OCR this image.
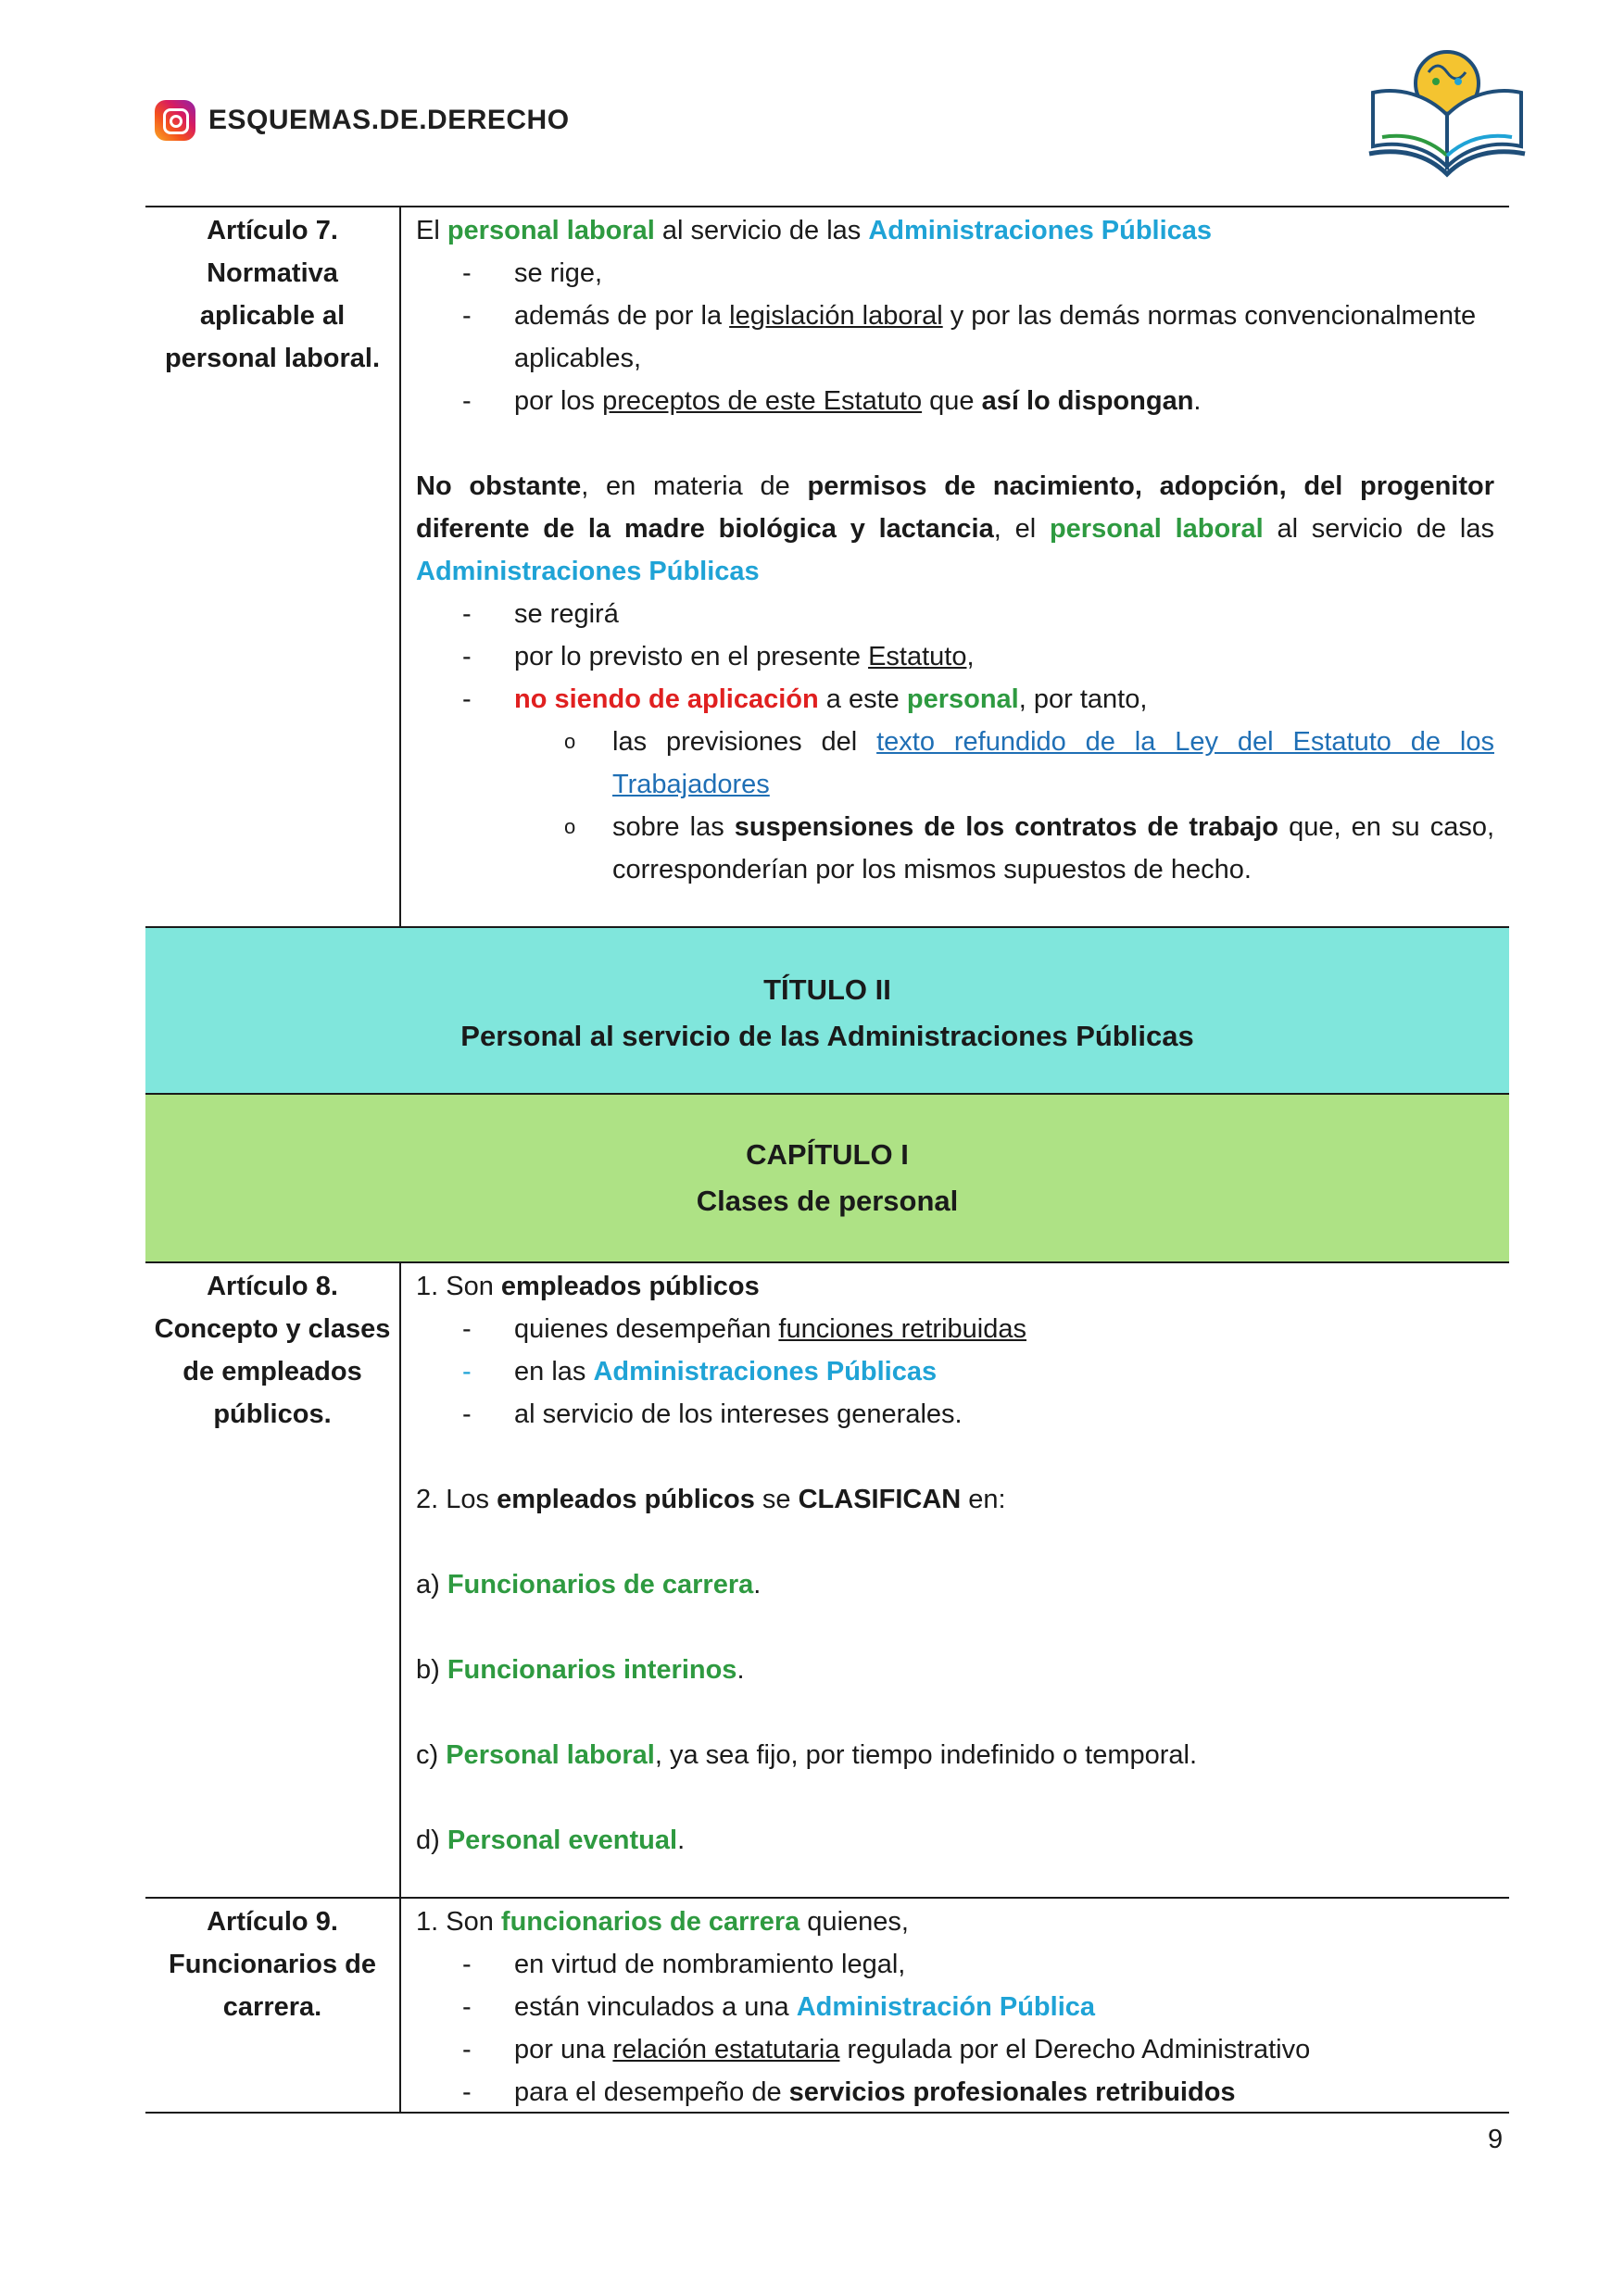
ESQUEMAS.DE.DERECHO
Artículo 7.
Normativa
aplicable al
personal laboral.

El personal laboral al servicio de las Administraciones Públicas

- se rige,
- además de por la legislación laboral y por las demás normas convencionalmente aplicables,
- por los preceptos de este Estatuto que así lo dispongan.

No obstante, en materia de permisos de nacimiento, adopción, del progenitor diferente de la madre biológica y lactancia, el personal laboral al servicio de las Administraciones Públicas

- se regirá
- por lo previsto en el presente Estatuto,
- no siendo de aplicación a este personal, por tanto,
o las previsiones del texto refundido de la Ley del Estatuto de los Trabajadores
o sobre las suspensiones de los contratos de trabajo que, en su caso, corresponderían por los mismos supuestos de hecho.
TÍTULO II
Personal al servicio de las Administraciones Públicas
CAPÍTULO I
Clases de personal
Artículo 8.
Concepto y clases
de empleados
públicos.

1. Son empleados públicos

- quienes desempeñan funciones retribuidas
- en las Administraciones Públicas
- al servicio de los intereses generales.

2. Los empleados públicos se CLASIFICAN en:

a) Funcionarios de carrera.

b) Funcionarios interinos.

c) Personal laboral, ya sea fijo, por tiempo indefinido o temporal.

d) Personal eventual.

Artículo 9.
Funcionarios de
carrera.

1. Son funcionarios de carrera quienes,

- en virtud de nombramiento legal,
- están vinculados a una Administración Pública
- por una relación estatutaria regulada por el Derecho Administrativo
- para el desempeño de servicios profesionales retribuidos
9
